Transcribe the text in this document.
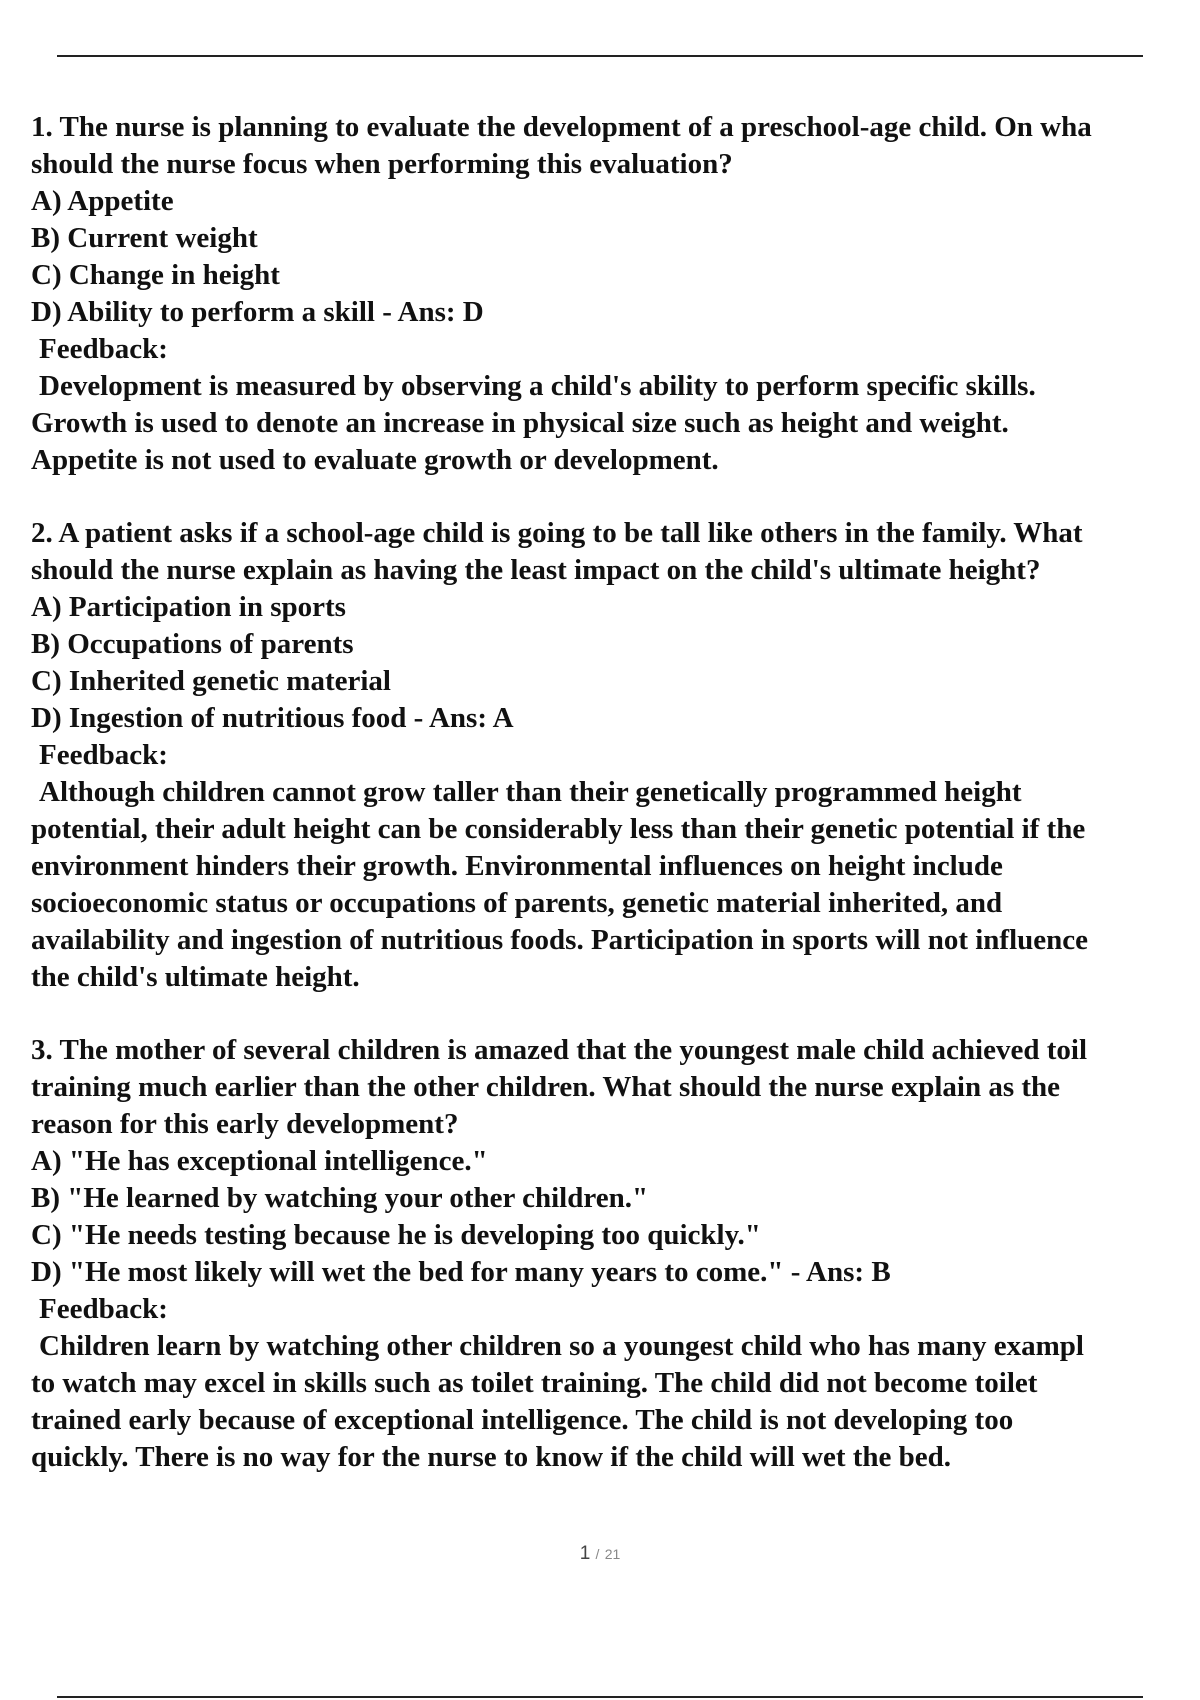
1. The nurse is planning to evaluate the development of a preschool-age child. On wha
should the nurse focus when performing this evaluation?
A) Appetite
B) Current weight
C) Change in height
D) Ability to perform a skill - Ans: D
Feedback:
Development is measured by observing a child's ability to perform specific skills.
Growth is used to denote an increase in physical size such as height and weight.
Appetite is not used to evaluate growth or development.
2. A patient asks if a school-age child is going to be tall like others in the family. What
should the nurse explain as having the least impact on the child's ultimate height?
A) Participation in sports
B) Occupations of parents
C) Inherited genetic material
D) Ingestion of nutritious food - Ans: A
Feedback:
Although children cannot grow taller than their genetically programmed height
potential, their adult height can be considerably less than their genetic potential if the
environment hinders their growth. Environmental influences on height include
socioeconomic status or occupations of parents, genetic material inherited, and
availability and ingestion of nutritious foods. Participation in sports will not influence
the child's ultimate height.
3. The mother of several children is amazed that the youngest male child achieved toil
training much earlier than the other children. What should the nurse explain as the
reason for this early development?
A) "He has exceptional intelligence."
B) "He learned by watching your other children."
C) "He needs testing because he is developing too quickly."
D) "He most likely will wet the bed for many years to come." - Ans: B
Feedback:
Children learn by watching other children so a youngest child who has many exampl
to watch may excel in skills such as toilet training. The child did not become toilet
trained early because of exceptional intelligence. The child is not developing too
quickly. There is no way for the nurse to know if the child will wet the bed.
1 / 21
